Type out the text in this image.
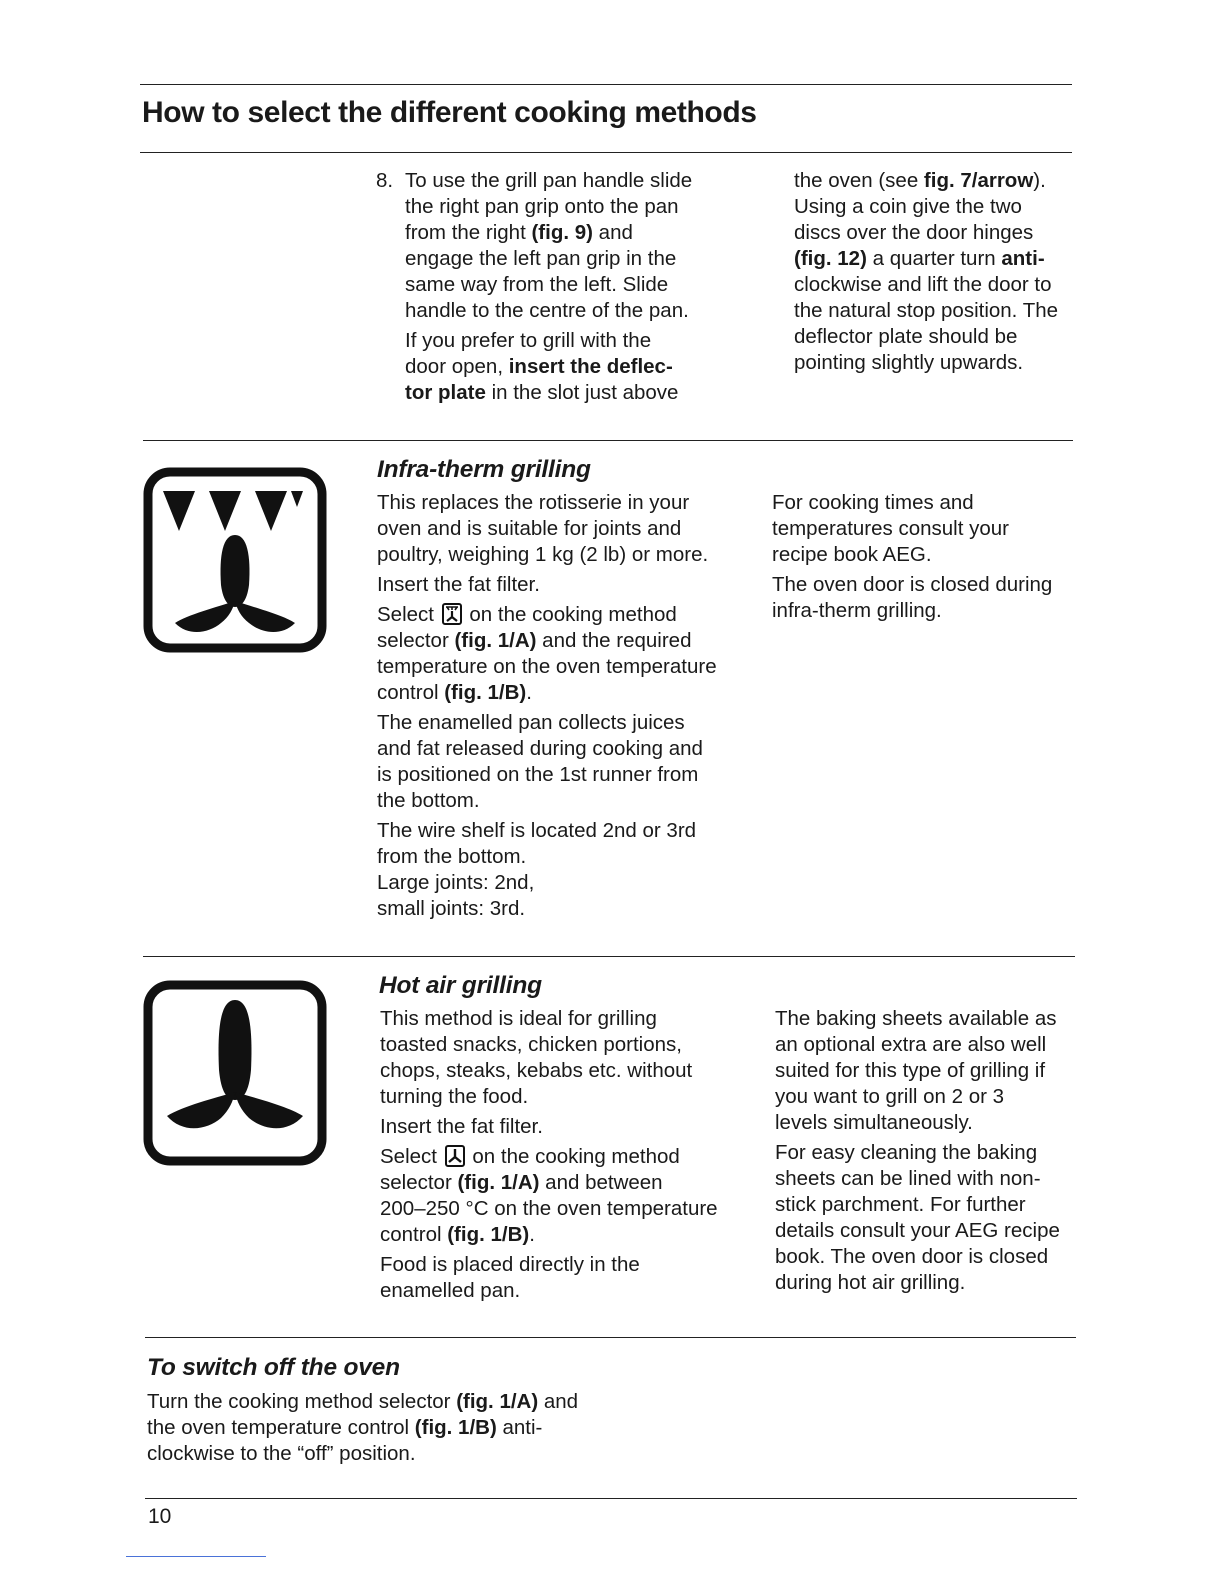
How to select the different cooking methods
8. To use the grill pan handle slide
the right pan grip onto the pan
from the right (fig. 9) and
engage the left pan grip in the
same way from the left. Slide
handle to the centre of the pan.

If you prefer to grill with the
door open, insert the deflec-
tor plate in the slot just above

the oven (see fig. 7/arrow).
Using a coin give the two
discs over the door hinges
(fig. 12) a quarter turn anti-
clockwise and lift the door to
the natural stop position. The
deflector plate should be
pointing slightly upwards.
Infra-therm grilling

This replaces the rotisserie in your
oven and is suitable for joints and
poultry, weighing 1 kg (2 lb) or more.

Insert the fat filter.

Select  on the cooking method
selector (fig. 1/A) and the required
temperature on the oven temperature
control (fig. 1/B).

The enamelled pan collects juices
and fat released during cooking and
is positioned on the 1st runner from
the bottom.

The wire shelf is located 2nd or 3rd
from the bottom.
Large joints: 2nd,
small joints: 3rd.

For cooking times and
temperatures consult your
recipe book AEG.

The oven door is closed during
infra-therm grilling.

Hot air grilling

This method is ideal for grilling
toasted snacks, chicken portions,
chops, steaks, kebabs etc. without
turning the food.

Insert the fat filter.

Select  on the cooking method
selector (fig. 1/A) and between
200–250 °C on the oven temperature
control (fig. 1/B).

Food is placed directly in the
enamelled pan.

The baking sheets available as
an optional extra are also well
suited for this type of grilling if
you want to grill on 2 or 3
levels simultaneously.

For easy cleaning the baking
sheets can be lined with non-
stick parchment. For further
details consult your AEG recipe
book. The oven door is closed
during hot air grilling.

To switch off the oven
Turn the cooking method selector (fig. 1/A) and
the oven temperature control (fig. 1/B) anti-
clockwise to the “off” position.
10
